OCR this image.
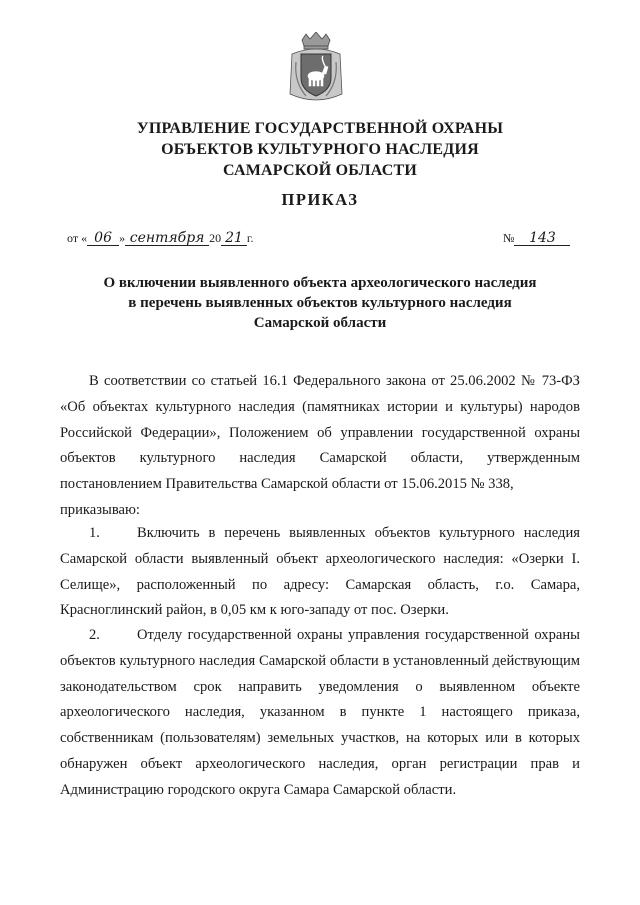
УПРАВЛЕНИЕ ГОСУДАРСТВЕННОЙ ОХРАНЫ
ОБЪЕКТОВ КУЛЬТУРНОГО НАСЛЕДИЯ
САМАРСКОЙ ОБЛАСТИ
ПРИКАЗ
от « 06 » сентября 20 21 г.	№	143
О включении выявленного объекта археологического наследия
в перечень выявленных объектов культурного наследия
Самарской области
В соответствии со статьей 16.1 Федерального закона от 25.06.2002 № 73-ФЗ «Об объектах культурного наследия (памятниках истории и культуры) народов Российской Федерации», Положением об управлении государственной охраны объектов культурного наследия Самарской области, утвержденным постановлением Правительства Самарской области от 15.06.2015 № 338,
приказываю:
1.	Включить в перечень выявленных объектов культурного наследия Самарской области выявленный объект археологического наследия: «Озерки I. Селище», расположенный по адресу: Самарская область, г.о. Самара, Красноглинский район, в 0,05 км к юго-западу от пос. Озерки.
2.	Отделу государственной охраны управления государственной охраны объектов культурного наследия Самарской области в установленный действующим законодательством срок направить уведомления о выявленном объекте археологического наследия, указанном в пункте 1 настоящего приказа, собственникам (пользователям) земельных участков, на которых или в которых обнаружен объект археологического наследия, орган регистрации прав и Администрацию городского округа Самара Самарской области.
